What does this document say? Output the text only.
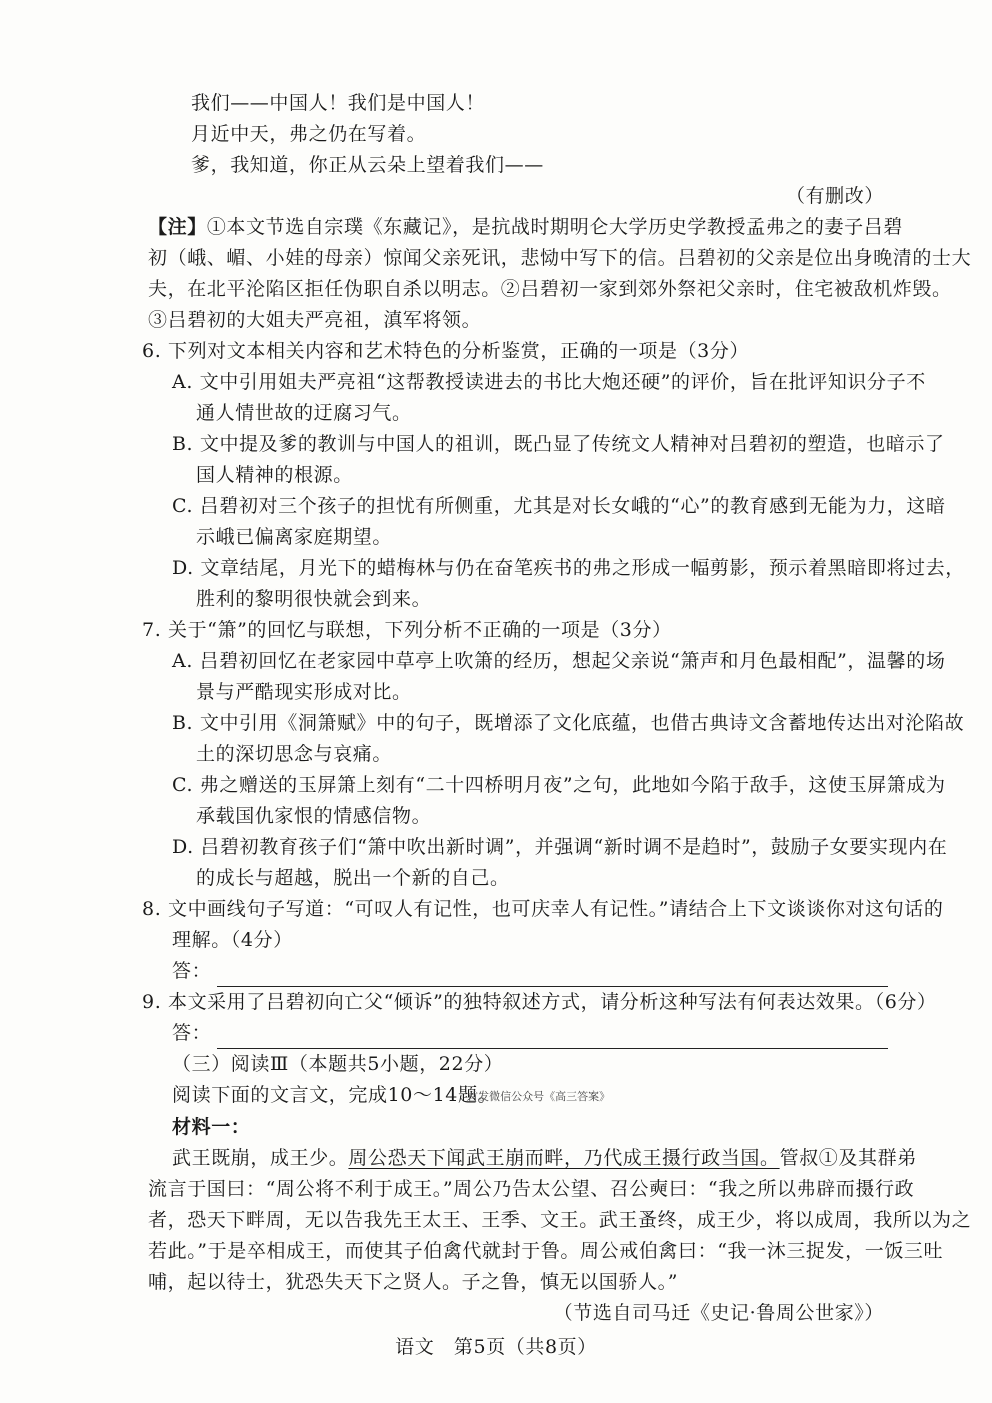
我们——中国人！我们是中国人！
月近中天，弗之仍在写着。
爹，我知道，你正从云朵上望着我们——
（有删改）
【注】①本文节选自宗璞《东藏记》，是抗战时期明仑大学历史学教授孟弗之的妻子吕碧
初（峨、嵋、小娃的母亲）惊闻父亲死讯，悲恸中写下的信。吕碧初的父亲是位出身晚清的士大
夫，在北平沦陷区拒任伪职自杀以明志。②吕碧初一家到郊外祭祀父亲时，住宅被敌机炸毁。
③吕碧初的大姐夫严亮祖，滇军将领。
6. 下列对文本相关内容和艺术特色的分析鉴赏，正确的一项是（3分）
A. 文中引用姐夫严亮祖“这帮教授读进去的书比大炮还硬”的评价，旨在批评知识分子不
通人情世故的迂腐习气。
B. 文中提及爹的教训与中国人的祖训，既凸显了传统文人精神对吕碧初的塑造，也暗示了
国人精神的根源。
C. 吕碧初对三个孩子的担忧有所侧重，尤其是对长女峨的“心”的教育感到无能为力，这暗
示峨已偏离家庭期望。
D. 文章结尾，月光下的蜡梅林与仍在奋笔疾书的弗之形成一幅剪影，预示着黑暗即将过去，
胜利的黎明很快就会到来。
7. 关于“箫”的回忆与联想，下列分析不正确的一项是（3分）
A. 吕碧初回忆在老家园中草亭上吹箫的经历，想起父亲说“箫声和月色最相配”，温馨的场
景与严酷现实形成对比。
B. 文中引用《洞箫赋》中的句子，既增添了文化底蕴，也借古典诗文含蓄地传达出对沦陷故
土的深切思念与哀痛。
C. 弗之赠送的玉屏箫上刻有“二十四桥明月夜”之句，此地如今陷于敌手，这使玉屏箫成为
承载国仇家恨的情感信物。
D. 吕碧初教育孩子们“箫中吹出新时调”，并强调“新时调不是趋时”，鼓励子女要实现内在
的成长与超越，脱出一个新的自己。
8. 文中画线句子写道：“可叹人有记性，也可庆幸人有记性。”请结合上下文谈谈你对这句话的
理解。（4分）
答：
9. 本文采用了吕碧初向亡父“倾诉”的独特叙述方式，请分析这种写法有何表达效果。（6分）
答：
（三）阅读Ⅲ（本题共5小题，22分）
阅读下面的文言文，完成10～14题。首发微信公众号《高三答案》
材料一：
武王既崩，成王少。周公恐天下闻武王崩而畔，乃代成王摄行政当国。管叔①及其群弟
流言于国曰：“周公将不利于成王。”周公乃告太公望、召公奭曰：“我之所以弗辟而摄行政
者，恐天下畔周，无以告我先王太王、王季、文王。武王蚤终，成王少，将以成周，我所以为之
若此。”于是卒相成王，而使其子伯禽代就封于鲁。周公戒伯禽曰：“我一沐三捉发，一饭三吐
哺，起以待士，犹恐失天下之贤人。子之鲁，慎无以国骄人。”
（节选自司马迁《史记·鲁周公世家》）
语文　第5页（共8页）
